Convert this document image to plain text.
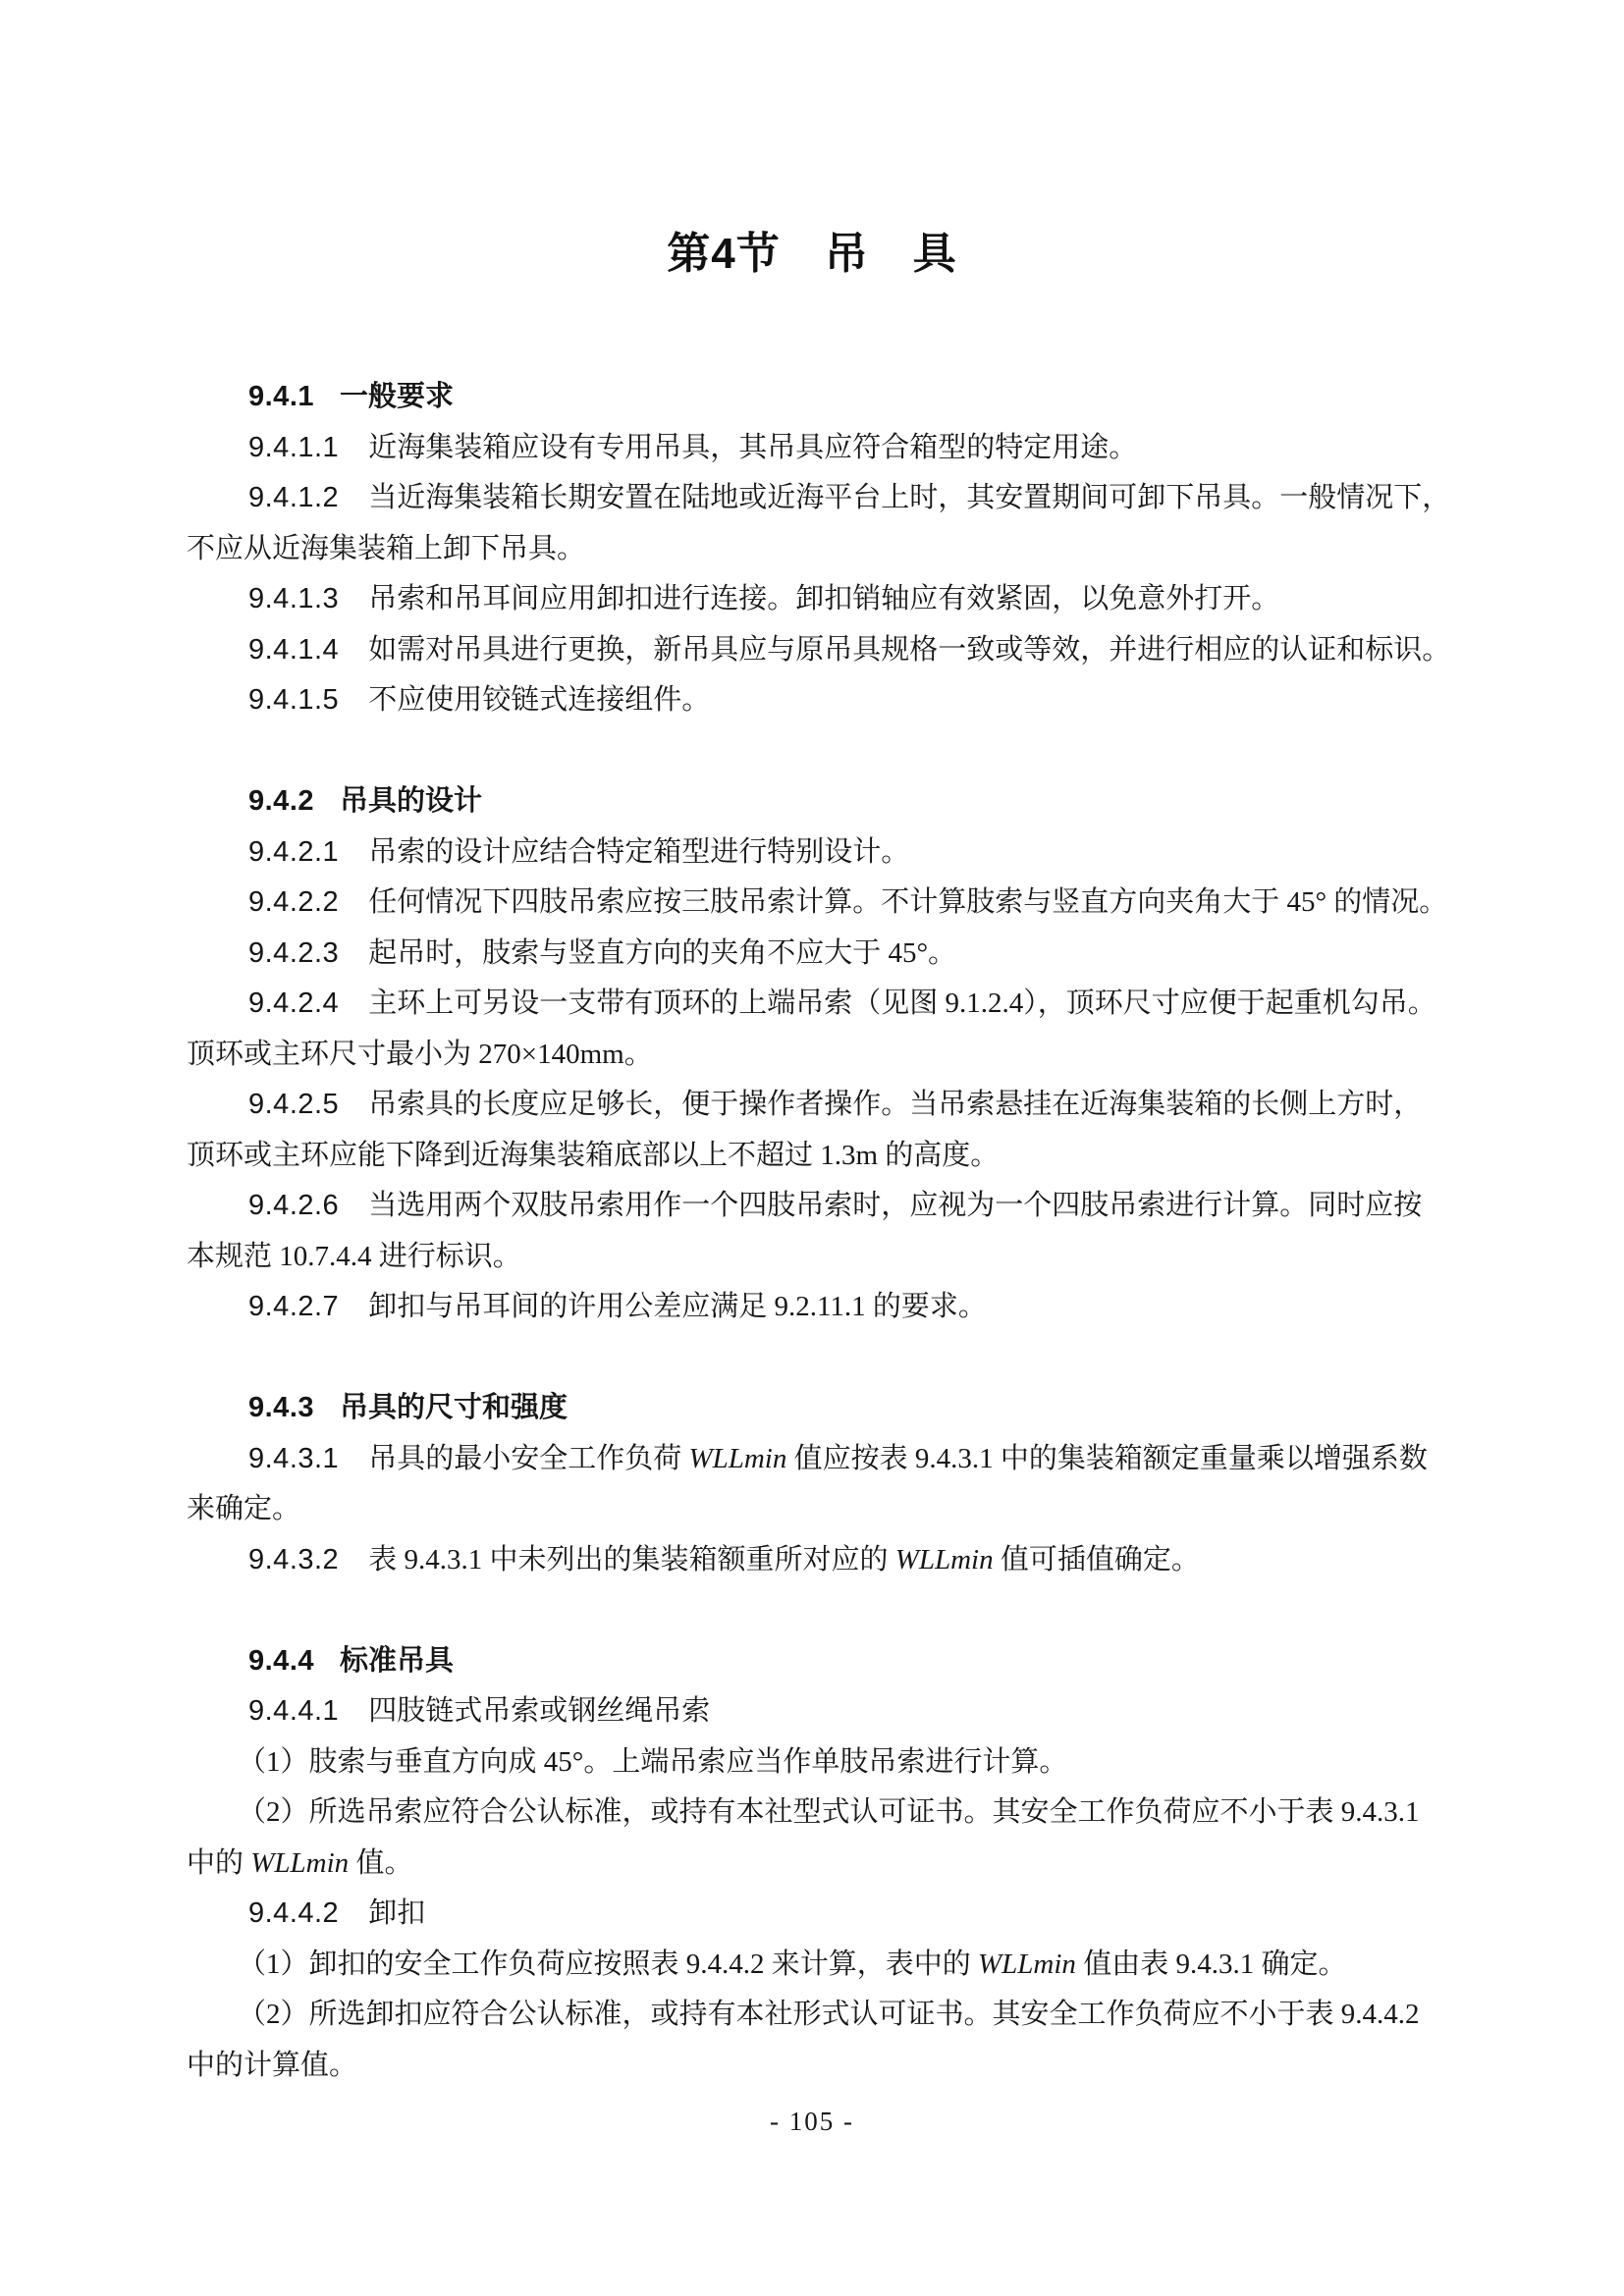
第4节　吊　具
9.4.1 一般要求

9.4.1.1 近海集装箱应设有专用吊具，其吊具应符合箱型的特定用途。

9.4.1.2 当近海集装箱长期安置在陆地或近海平台上时，其安置期间可卸下吊具。一般情况下，
不应从近海集装箱上卸下吊具。

9.4.1.3 吊索和吊耳间应用卸扣进行连接。卸扣销轴应有效紧固，以免意外打开。

9.4.1.4 如需对吊具进行更换，新吊具应与原吊具规格一致或等效，并进行相应的认证和标识。

9.4.1.5 不应使用铰链式连接组件。

9.4.2 吊具的设计

9.4.2.1 吊索的设计应结合特定箱型进行特别设计。

9.4.2.2 任何情况下四肢吊索应按三肢吊索计算。不计算肢索与竖直方向夹角大于 45° 的情况。

9.4.2.3 起吊时，肢索与竖直方向的夹角不应大于 45°。

9.4.2.4 主环上可另设一支带有顶环的上端吊索（见图 9.1.2.4），顶环尺寸应便于起重机勾吊。
顶环或主环尺寸最小为 270×140mm。

9.4.2.5 吊索具的长度应足够长，便于操作者操作。当吊索悬挂在近海集装箱的长侧上方时，
顶环或主环应能下降到近海集装箱底部以上不超过 1.3m 的高度。

9.4.2.6 当选用两个双肢吊索用作一个四肢吊索时，应视为一个四肢吊索进行计算。同时应按
本规范 10.7.4.4 进行标识。

9.4.2.7 卸扣与吊耳间的许用公差应满足 9.2.11.1 的要求。

9.4.3 吊具的尺寸和强度

9.4.3.1 吊具的最小安全工作负荷 WLLmin 值应按表 9.4.3.1 中的集装箱额定重量乘以增强系数
来确定。

9.4.3.2 表 9.4.3.1 中未列出的集装箱额重所对应的 WLLmin 值可插值确定。

9.4.4 标准吊具

9.4.4.1 四肢链式吊索或钢丝绳吊索

（1）肢索与垂直方向成 45°。上端吊索应当作单肢吊索进行计算。

（2）所选吊索应符合公认标准，或持有本社型式认可证书。其安全工作负荷应不小于表 9.4.3.1
中的 WLLmin 值。

9.4.4.2 卸扣

（1）卸扣的安全工作负荷应按照表 9.4.4.2 来计算，表中的 WLLmin 值由表 9.4.3.1 确定。

（2）所选卸扣应符合公认标准，或持有本社形式认可证书。其安全工作负荷应不小于表 9.4.4.2
中的计算值。

- 105 -
